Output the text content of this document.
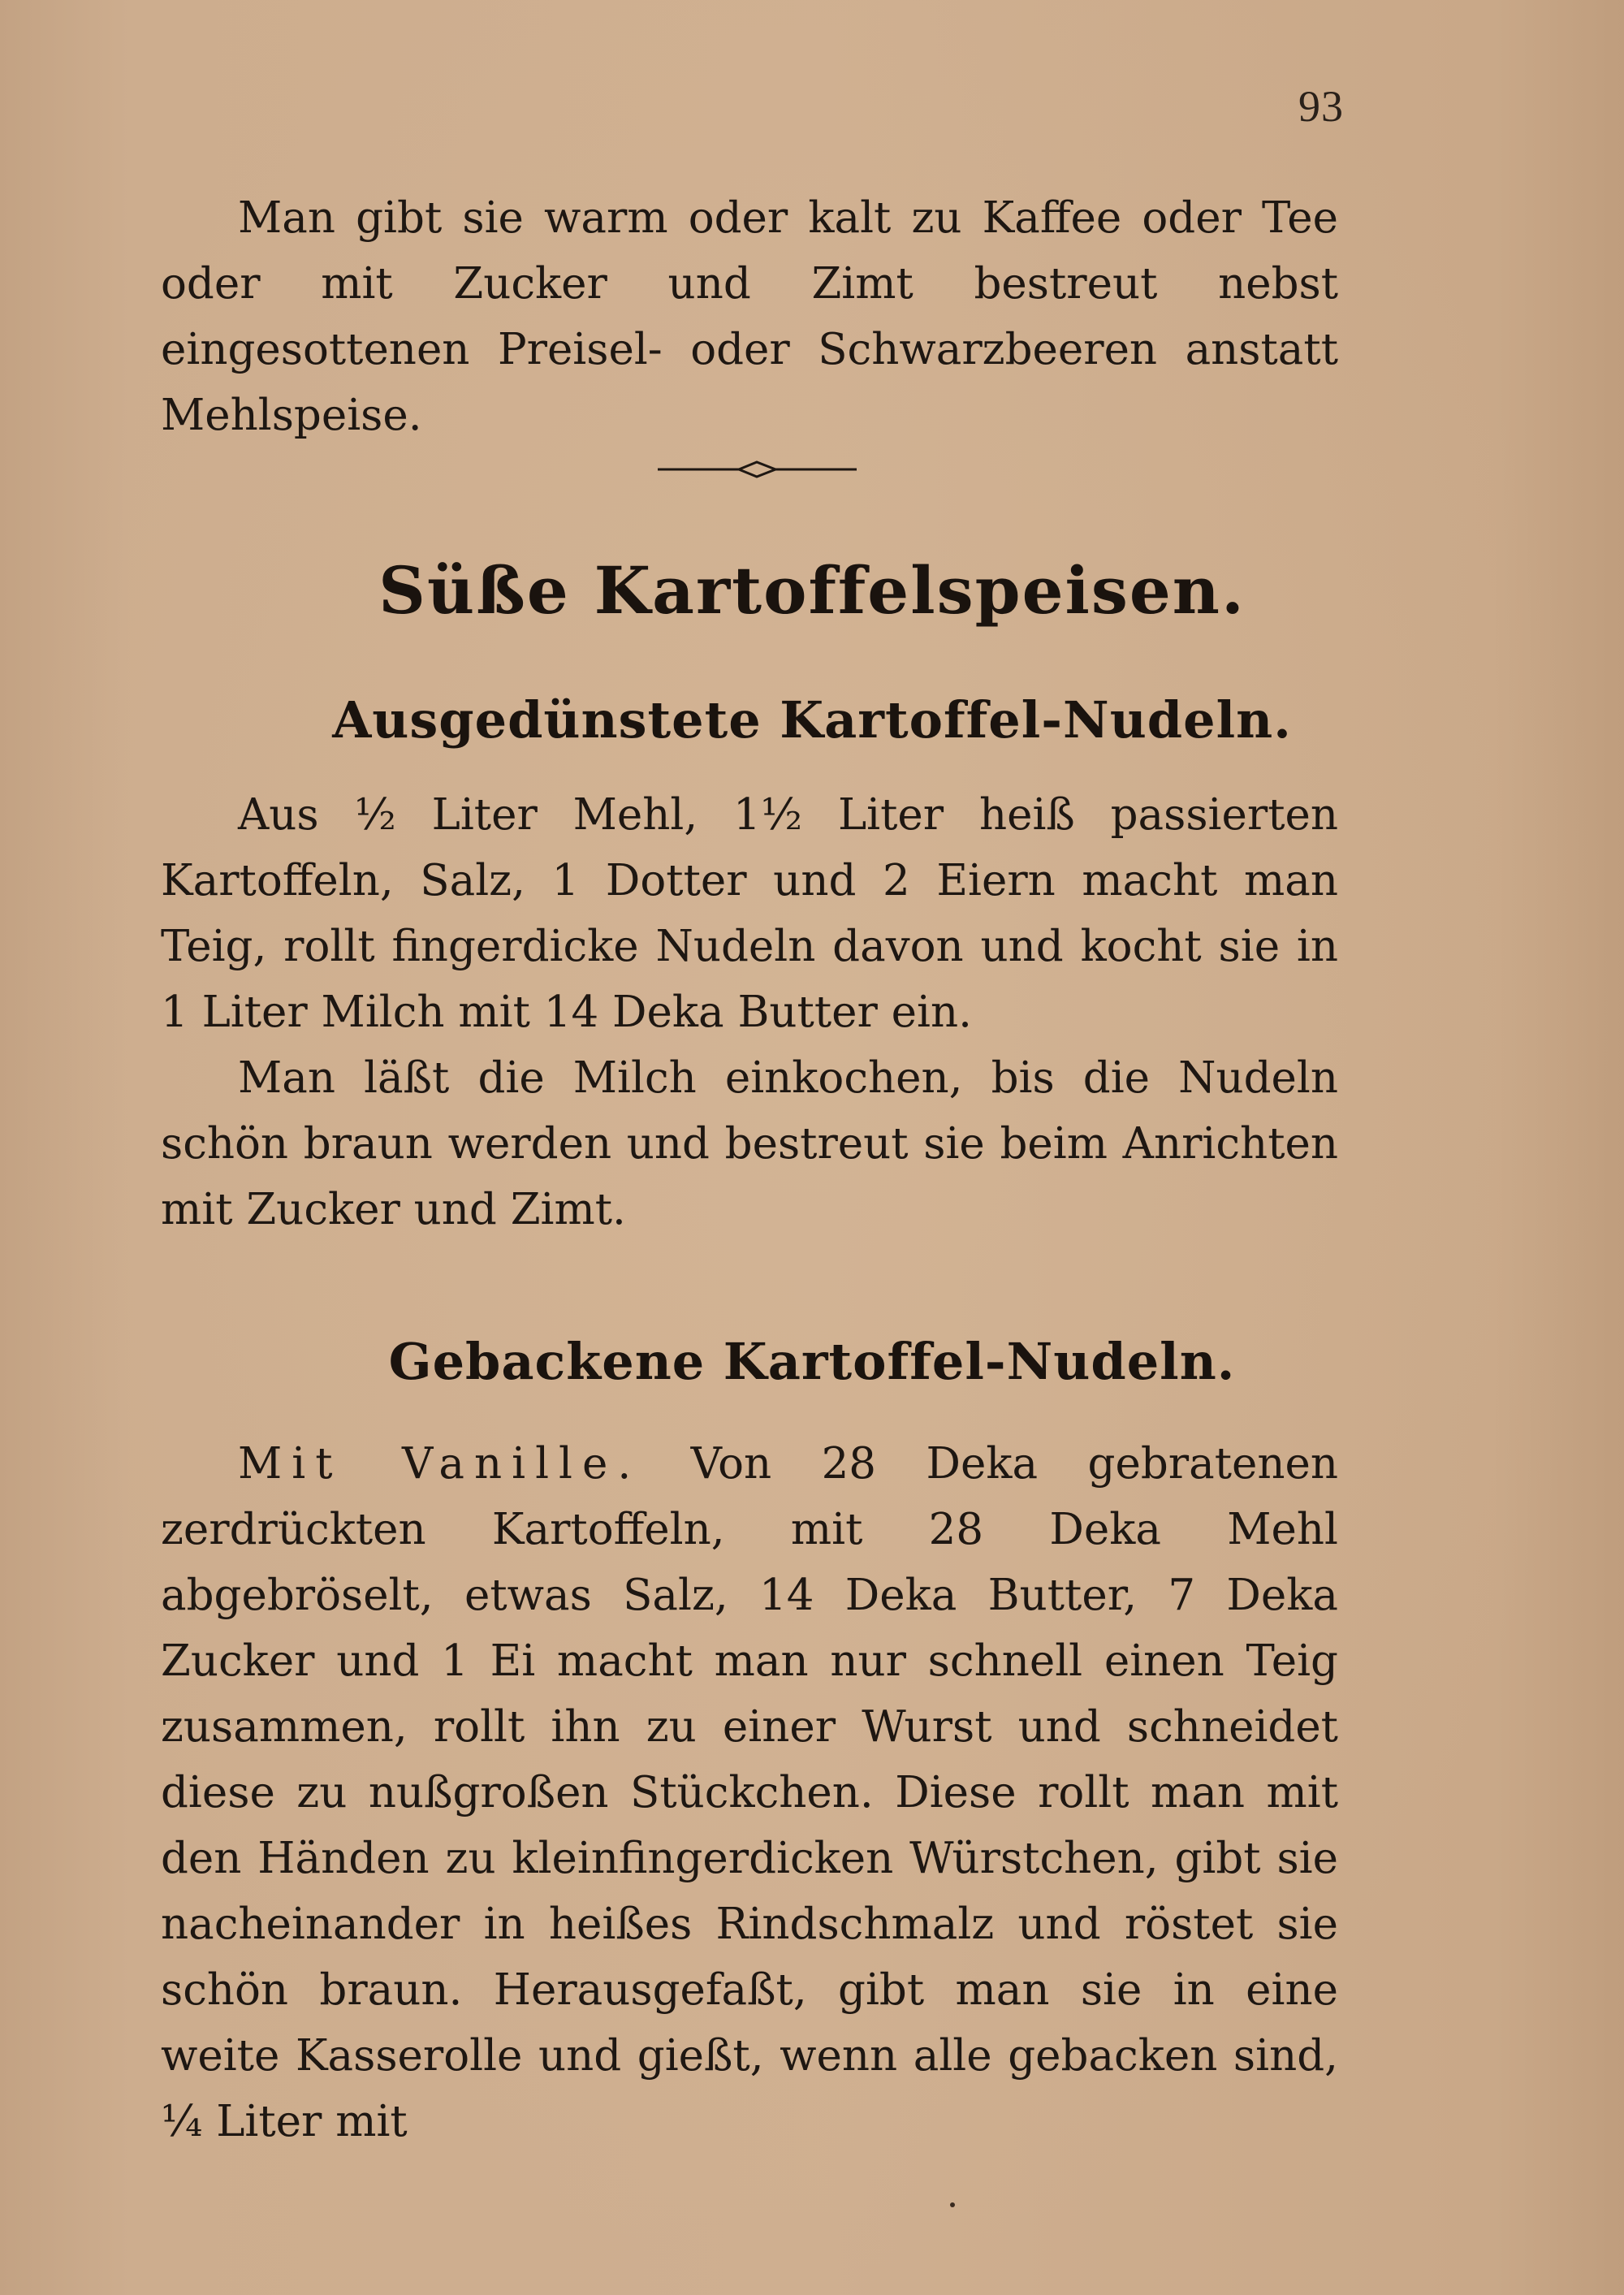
93

Man gibt sie warm oder kalt zu Kaffee oder Tee oder mit Zucker und Zimt bestreut nebst eingesottenen Preisel- oder Schwarzbeeren anstatt Mehlspeise.

Süße Kartoffelspeisen.
Ausgedünstete Kartoffel-Nudeln.

Aus ½ Liter Mehl, 1½ Liter heiß passierten Kartoffeln, Salz, 1 Dotter und 2 Eiern macht man Teig, rollt fingerdicke Nudeln davon und kocht sie in 1 Liter Milch mit 14 Deka Butter ein.

Man läßt die Milch einkochen, bis die Nudeln schön braun werden und bestreut sie beim Anrichten mit Zucker und Zimt.

Gebackene Kartoffel-Nudeln.

Mit Vanille. Von 28 Deka gebratenen zerdrückten Kartoffeln, mit 28 Deka Mehl abgebröselt, etwas Salz, 14 Deka Butter, 7 Deka Zucker und 1 Ei macht man nur schnell einen Teig zusammen, rollt ihn zu einer Wurst und schneidet diese zu nußgroßen Stückchen. Diese rollt man mit den Händen zu kleinfingerdicken Würstchen, gibt sie nacheinander in heißes Rindschmalz und röstet sie schön braun. Herausgefaßt, gibt man sie in eine weite Kasserolle und gießt, wenn alle gebacken sind, ¼ Liter mit
